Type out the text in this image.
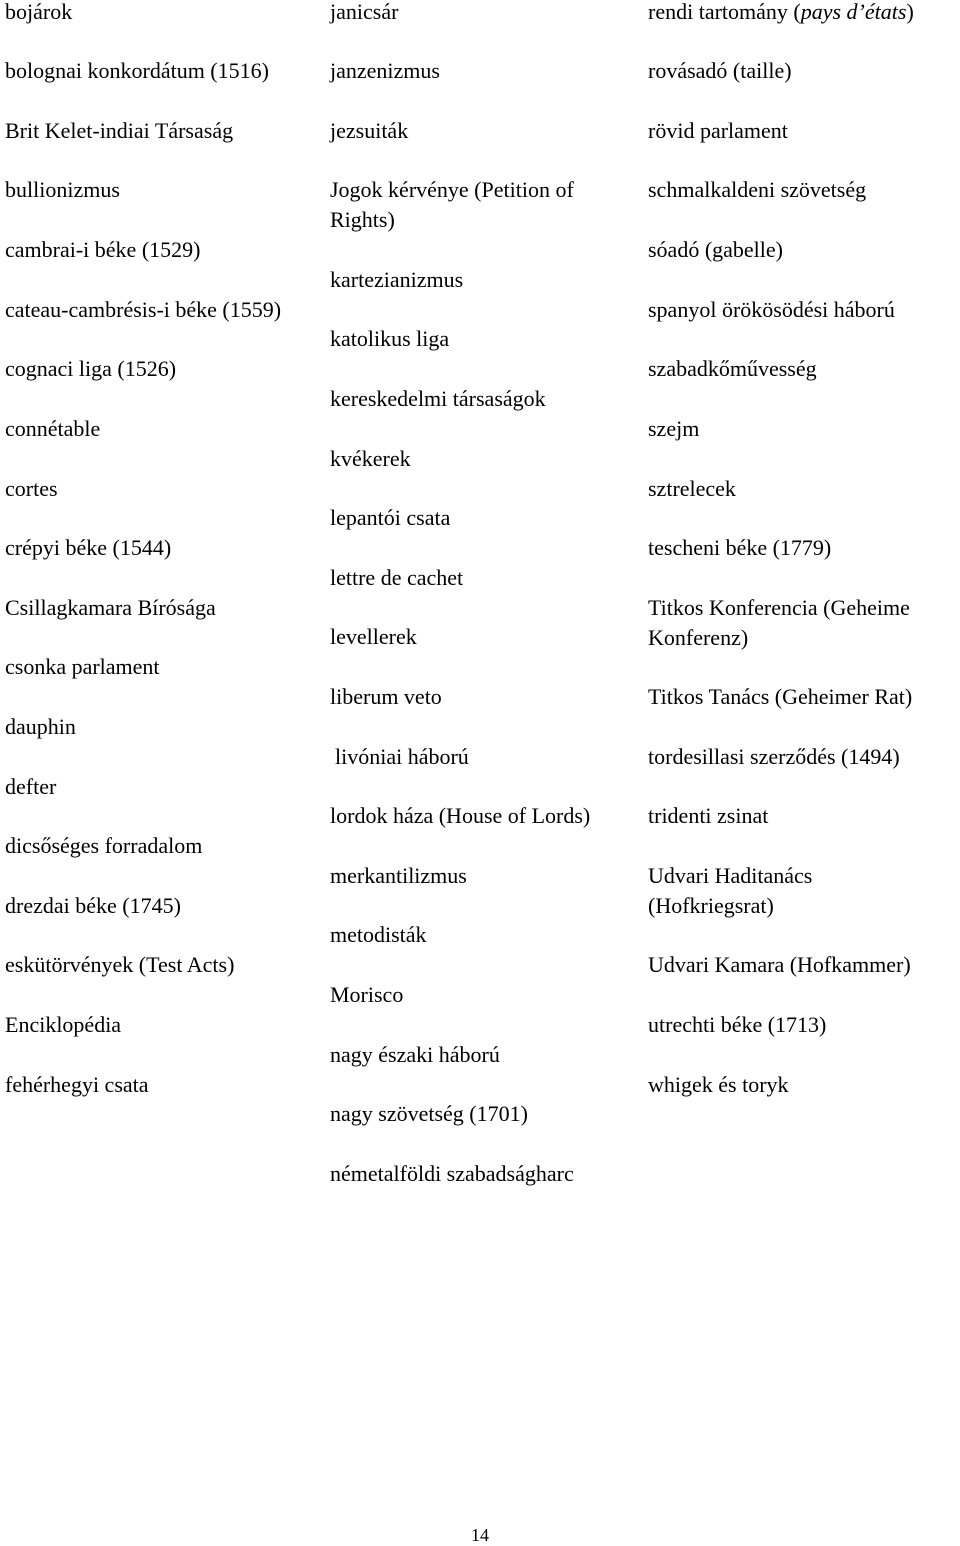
bojárok
bolognai konkordátum (1516)
Brit Kelet-indiai Társaság
bullionizmus
cambrai-i béke (1529)
cateau-cambrésis-i béke (1559)
cognaci liga (1526)
connétable
cortes
crépyi béke (1544)
Csillagkamara Bírósága
csonka parlament
dauphin
defter
dicsőséges forradalom
drezdai béke (1745)
eskütörvények (Test Acts)
Enciklopédia
fehérhegyi csata
janicsár
janzenizmus
jezsuiták
Jogok kérvénye (Petition of Rights)
kartezianizmus
katolikus liga
kereskedelmi társaságok
kvékerek
lepantói csata
lettre de cachet
levellerek
liberum veto
livóniai háború
lordok háza (House of Lords)
merkantilizmus
metodisták
Morisco
nagy északi háború
nagy szövetség (1701)
németalföldi szabadságharc
rendi tartomány (pays d’états)
rovásadó (taille)
rövid parlament
schmalkaldeni szövetség
sóadó (gabelle)
spanyol örökösödési háború
szabadkőművesség
szejm
sztrelecek
tescheni béke (1779)
Titkos Konferencia (Geheime Konferenz)
Titkos Tanács (Geheimer Rat)
tordesillasi szerződés (1494)
tridenti zsinat
Udvari Haditanács (Hofkriegsrat)
Udvari Kamara (Hofkammer)
utrechti béke (1713)
whigek és toryk
14
